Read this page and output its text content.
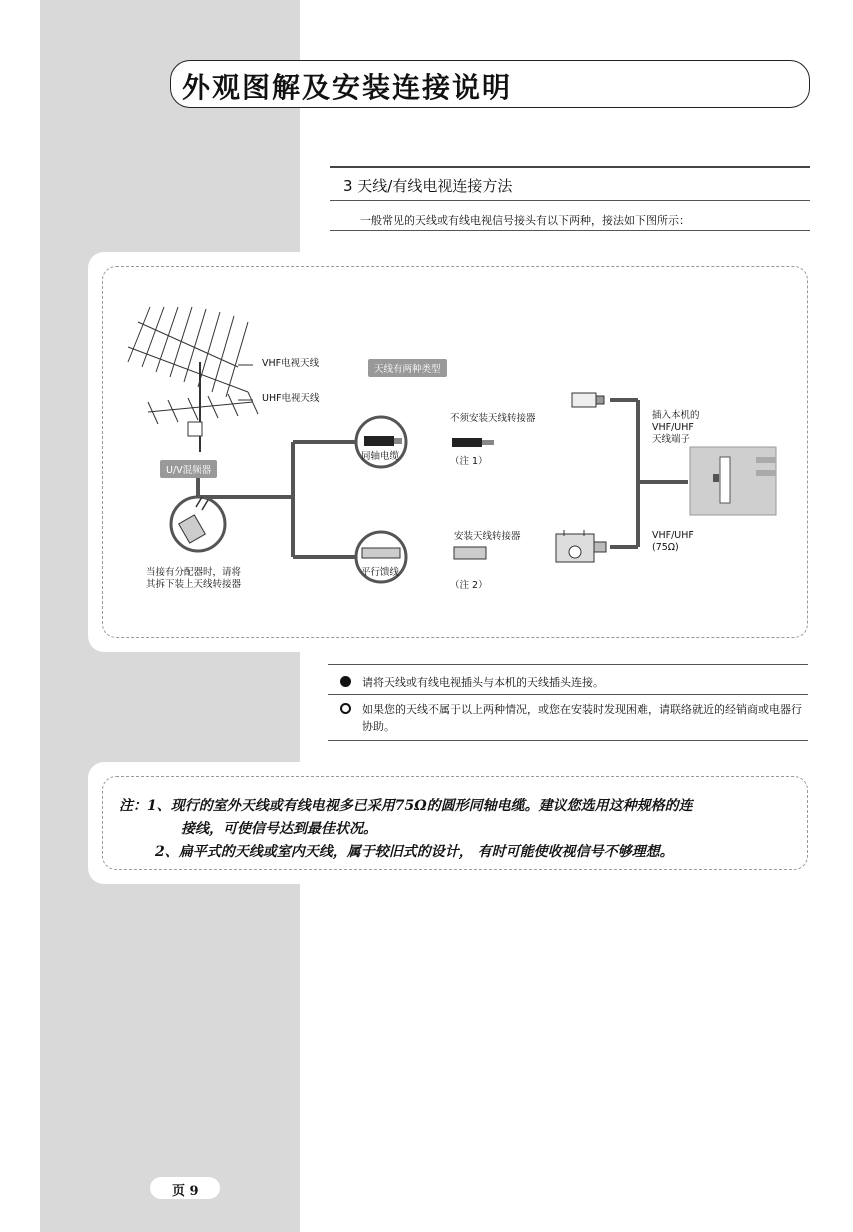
外观图解及安装连接说明
3 天线/有线电视连接方法
一般常见的天线或有线电视信号接头有以下两种，接法如下图所示：
VHF电视天线
UHF电视天线
U/V混频器
当接有分配器时，请将
其拆下装上天线转接器
天线有两种类型
同轴电缆
平行馈线
不须安装天线转接器
（注 1）
安装天线转接器
（注 2）
插入本机的
VHF/UHF
天线端子
VHF/UHF
(75Ω)
请将天线或有线电视插头与本机的天线插头连接。
如果您的天线不属于以上两种情况，或您在安装时发现困难，请联络就近的经销商或电器行协助。
注：1、现行的室外天线或有线电视多已采用75Ω的圆形同轴电缆。建议您选用这种规格的连
接线，可使信号达到最佳状况。
2、扁平式的天线或室内天线，属于较旧式的设计， 有时可能使收视信号不够理想。
页 9
